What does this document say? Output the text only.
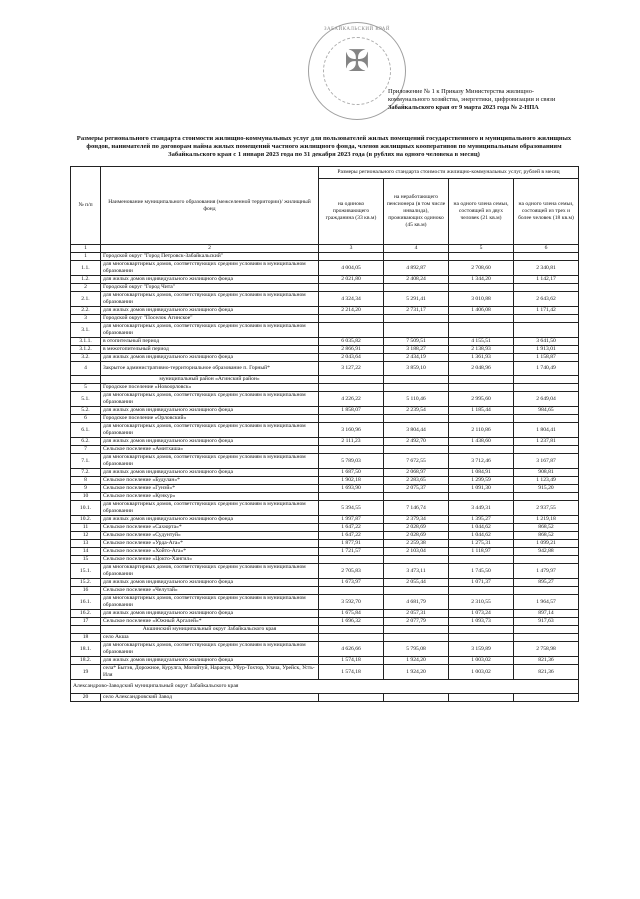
ЗАБАЙКАЛЬСКИЙ КРАЙ
✠
Приложение № 1 к Приказу Министерства жилищно-
коммунального хозяйства, энергетики, цифровизации и связи
Забайкальского края от 9 марта 2023 года № 2-НПА
Размеры регионального стандарта стоимости жилищно-коммунальных услуг для пользователей жилых помещений государственного и муниципального жилищных фондов, нанимателей по договорам найма жилых помещений частного жилищного фонда, членов жилищных кооперативов по муниципальным образованиям Забайкальского края с 1 января 2023 года по 31 декабря 2023 года (в рублях на одного человека в месяц)
№ п/п	Наименование муниципального образования (межселенной территории)/ жилищный фонд	Размеры регионального стандарта стоимости жилищно-коммунальных услуг, рублей в месяц			
		на одиноко проживающего гражданина (33 кв.м)	на неработающего пенсионера (в том числе инвалида), проживающих одиноко (45 кв.м)	на одного члена семьи, состоящей из двух человек (21 кв.м)	на одного члена семьи, состоящей из трех и более человек (18 кв.м)
1	2	3	4	5	6
1	Городской округ "Город Петровск-Забайкальский"				
1.1.	для многоквартирных домов, соответствующих средним условиям в муниципальном образовании	4 004,05	4 892,87	2 708,60	2 340,81
1.2.	для жилых домов индивидуального жилищного фонда	2 021,80	2 408,24	1 344,20	1 142,17
2	Городской округ "Город Чита"				
2.1.	для многоквартирных домов, соответствующих средним условиям в муниципальном образовании	4 324,34	5 291,41	3 010,88	2 643,62
2.2.	для жилых домов индивидуального жилищного фонда	2 214,20	2 731,17	1 406,08	1 171,42
3	Городской округ "Поселок Агинское"				
3.1.	для многоквартирных домов, соответствующих средним условиям в муниципальном образовании				
3.1.1.	в отопительный период	6 035,82	7 509,51	4 155,51	3 641,50
3.1.2.	в межотопительный период	2 866,91	3 188,27	2 138,93	1 913,01
3.2.	для жилых домов индивидуального жилищного фонда	2 043,64	2 434,19	1 361,93	1 158,87
4	Закрытое административно-территориальное образование п. Горный*	3 127,22	3 859,10	2 048,96	1 740,49
	муниципальный район «Агинский район»				
5	Городское поселение «Новоорловск»				
5.1.	для многоквартирных домов, соответствующих средним условиям в муниципальном образовании	4 226,22	5 110,46	2 995,60	2 649,04
5.2.	для жилых домов индивидуального жилищного фонда	1 858,07	2 239,54	1 185,44	984,65
6	Городское поселение «Орловский»				
6.1.	для многоквартирных домов, соответствующих средним условиям в муниципальном образовании	3 160,96	3 804,44	2 110,86	1 804,41
6.2.	для жилых домов индивидуального жилищного фонда	2 111,23	2 492,70	1 438,60	1 237,81
7	Сельское поселение «Амитхаша»				
7.1.	для многоквартирных домов, соответствующих средним условиям в муниципальном образовании	5 789,03	7 672,55	3 712,46	3 167,87
7.2.	для жилых домов индивидуального жилищного фонда	1 687,50	2 068,97	1 084,91	908,81
8	Сельское поселение «Будулан»*	1 902,18	2 283,65	1 299,59	1 123,49
9	Сельское поселение «Гунэй»*	1 693,90	2 075,37	1 091,30	915,20
10	Сельское поселение «Кункур»				
10.1.	для многоквартирных домов, соответствующих средним условиям в муниципальном образовании	5 394,55	7 146,74	3 449,31	2 937,55
10.2.	для жилых домов индивидуального жилищного фонда	1 997,87	2 379,34	1 395,27	1 219,18
11	Сельское поселение «Сахюрта»*	1 647,22	2 028,69	1 044,62	868,52
12	Сельское поселение «Судунтуй»	1 647,22	2 028,69	1 044,62	868,52
13	Сельское поселение «Урда-Ага»*	1 877,91	2 259,38	1 275,31	1 099,21
14	Сельское поселение «Хойто-Ага»*	1 721,57	2 103,04	1 118,97	942,88
15	Сельское поселение «Цокто-Хангил»				
15.1.	для многоквартирных домов, соответствующих средним условиям в муниципальном образовании	2 705,83	3 473,11	1 745,50	1 479,97
15.2.	для жилых домов индивидуального жилищного фонда	1 673,97	2 055,44	1 071,37	895,27
16	Сельское поселение «Челутай»				
16.1.	для многоквартирных домов, соответствующих средним условиям в муниципальном образовании	3 592,70	4 681,79	2 310,55	1 964,57
16.2.	для жилых домов индивидуального жилищного фонда	1 675,84	2 057,31	1 073,24	897,14
17	Сельское поселение «Южный Аргалей»*	1 696,32	2 077,79	1 093,73	917,63
	Акшинский муниципальный округ Забайкальского края				
18	село Акша				
18.1.	для многоквартирных домов, соответствующих средним условиям в муниципальном образовании	4 626,66	5 795,08	3 159,89	2 758,98
18.2.	для жилых домов индивидуального жилищного фонда	1 574,18	1 924,20	1 003,02	821,36
19	села* Бытэв, Дорожное, Курулга, Могойтуй, Нарасун, Убур-Тохтор, Улача, Урейск, Усть-Иля	1 574,18	1 924,20	1 003,02	821,36
Александрово-Заводский муниципальный округ Забайкальского края					
20	село Александровский Завод				
